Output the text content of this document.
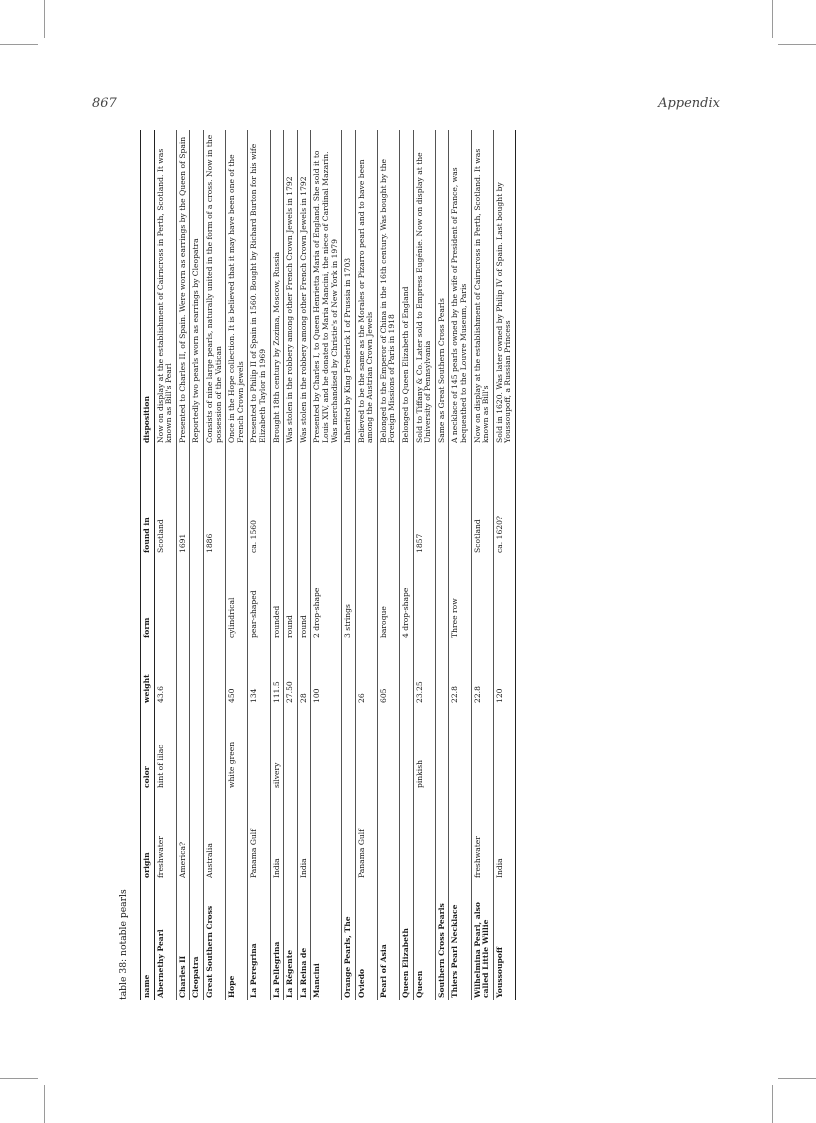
867	Appendix
table 38: notable pearls name	origin	color	weight	form	found in	disposition
Abernethy Pearl	freshwater	hint of lilac	43.6		Scotland	Now on display at the establishment of Cairncross in Perth, Scotland. It was known as Bill's Pearl
Charles II	America?				1691	Presented to Charles II, of Spain. Were worn as earrings by the Queen of Spain
Cleopatra						Reportedly two pearls worn as earrings by Cleopatra
Great Southern Cross	Australia				1886	Consists of nine large pearls, naturally united in the form of a cross. Now in the possession of the Vatican
Hope		white green	450	cylindrical		Once in the Hope collection. It is believed that it may have been one of the French Crown jewels
La Peregrina	Panama Gulf		134	pear-shaped	ca. 1560	Presented to Philip II of Spain in 1560. Bought by Richard Burton for his wife Elizabeth Taylor in 1969
La Pellegrina	India	silvery	111.5	rounded		Brought 18th century by Zozima, Moscow, Russia
La Régente			27.50	round		Was stolen in the robbery among other French Crown Jewels in 1792
La Reina de	India		28	round		Was stolen in the robbery among other French Crown Jewels in 1792
Mancini			100	2 drop-shape		Presented by Charles I, to Queen Henrietta Maria of England. She sold it to Louis XIV, and he donated to Maria Mancini, the niece of Cardinal Mazarin. Was merchandised by Christie's of New York in 1979
Orange Pearls, The				3 strings		Inherited by King Frederick I of Prussia in 1703
Oviedo	Panama Gulf		26			Believed to be the same as the Morales or Pizarro pearl and to have been among the Austrian Crown Jewels
Pearl of Asia			605	baroque		Belonged to the Emperor of China in the 16th century. Was bought by the Foreign Missions of Paris in 1918
Queen Elizabeth				4 drop-shape		Belonged to Queen Elizabeth of England
Queen		pinkish	23.25		1857	Sold to Tiffany & Co. Later sold to Empress Eugénie. Now on display at the University of Pennsylvania
Southern Cross Pearls						Same as Great Southern Cross Pearls
Thiers Pearl Necklace			22.8	Three row		A necklace of 145 pearls owned by the wife of President of France, was bequeathed to the Louvre Museum, Paris
Wilhelmina Pearl, also called Little Willie	freshwater		22.8		Scotland	Now on display at the establishment of Cairncross in Perth, Scotland. It was known as Bill's
Youssoupoff	India		120		ca. 1620?	Sold in 1620. Was later owned by Philip IV of Spain. Last bought by Youssoupoff, a Russian Princess
